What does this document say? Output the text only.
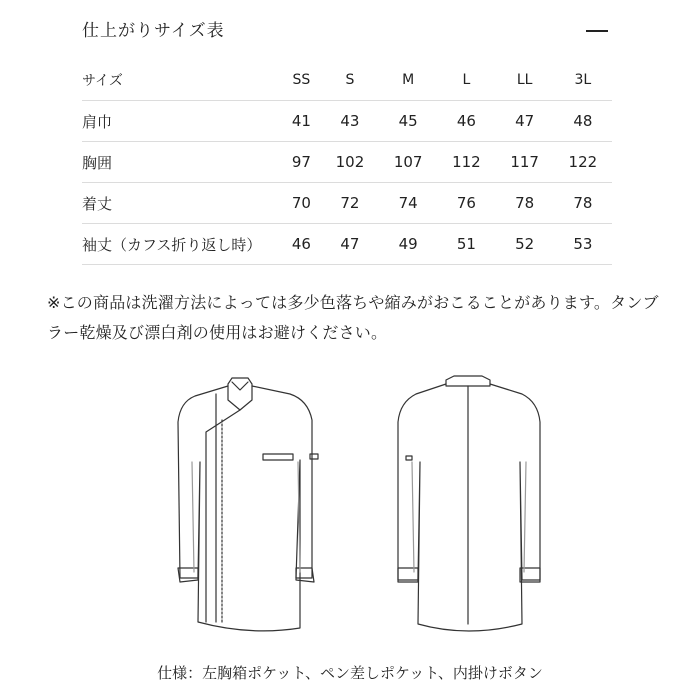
仕上がりサイズ表
サイズ	SS	S	M	L	LL	3L
肩巾	41	43	45	46	47	48
胸囲	97	102	107	112	117	122
着丈	70	72	74	76	78	78
袖丈（カフス折り返し時）	46	47	49	51	52	53
※この商品は洗濯方法によっては多少色落ちや縮みがおこることがあります。タンブラー乾燥及び漂白剤の使用はお避けください。
仕様：左胸箱ポケット、ペン差しポケット、内掛けボタン
